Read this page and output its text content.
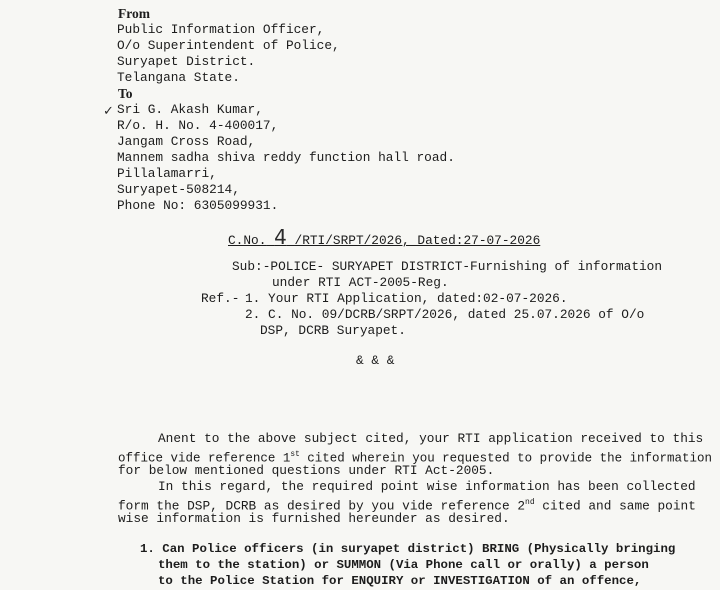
From
Public Information Officer,
O/o Superintendent of Police,
Suryapet District.
Telangana State.
To
✓ Sri G. Akash Kumar,
R/o. H. No. 4-400017,
Jangam Cross Road,
Mannem sadha shiva reddy function hall road.
Pillalamarri,
Suryapet-508214,
Phone No: 6305099931.
C.No. 4 /RTI/SRPT/2026, Dated:27-07-2026
Sub:-POLICE- SURYAPET DISTRICT-Furnishing of information
under RTI ACT-2005-Reg.
Ref.- 1. Your RTI Application, dated:02-07-2026.
2. C. No. 09/DCRB/SRPT/2026, dated 25.07.2026 of O/o
DSP, DCRB Suryapet.
& & &
Anent to the above subject cited, your RTI application received to this
office vide reference 1st cited wherein you requested to provide the information
for below mentioned questions under RTI Act-2005.
In this regard, the required point wise information has been collected
form the DSP, DCRB as desired by you vide reference 2nd cited and same point
wise information is furnished hereunder as desired.
1. Can Police officers (in suryapet district) BRING (Physically bringing
them to the station) or SUMMON (Via Phone call or orally) a person
to the Police Station for ENQUIRY or INVESTIGATION of an offence,
